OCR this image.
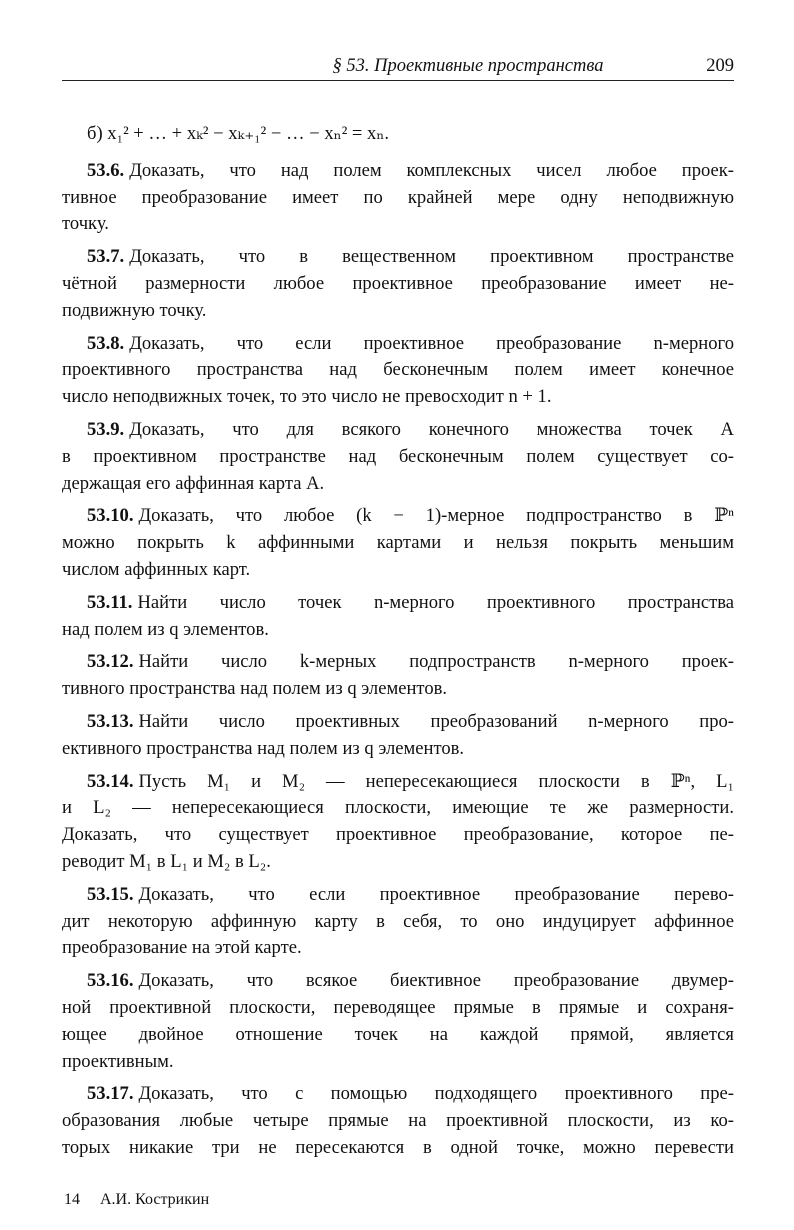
§ 53. Проективные пространства	209
б) x₁² + … + xₖ² − xₖ₊₁² − … − xₙ² = xₙ.
53.6. Доказать, что над полем комплексных чисел любое проек-
тивное преобразование имеет по крайней мере одну неподвижную
точку.
53.7. Доказать, что в вещественном проективном пространстве
чётной размерности любое проективное преобразование имеет не-
подвижную точку.
53.8. Доказать, что если проективное преобразование n-мерного
проективного пространства над бесконечным полем имеет конечное
число неподвижных точек, то это число не превосходит n + 1.
53.9. Доказать, что для всякого конечного множества точек A
в проективном пространстве над бесконечным полем существует со-
держащая его аффинная карта A.
53.10. Доказать, что любое (k − 1)-мерное подпространство в ℙⁿ
можно покрыть k аффинными картами и нельзя покрыть меньшим
числом аффинных карт.
53.11. Найти число точек n-мерного проективного пространства
над полем из q элементов.
53.12. Найти число k-мерных подпространств n-мерного проек-
тивного пространства над полем из q элементов.
53.13. Найти число проективных преобразований n-мерного про-
ективного пространства над полем из q элементов.
53.14. Пусть M₁ и M₂ — непересекающиеся плоскости в ℙⁿ, L₁
и L₂ — непересекающиеся плоскости, имеющие те же размерности.
Доказать, что существует проективное преобразование, которое пе-
реводит M₁ в L₁ и M₂ в L₂.
53.15. Доказать, что если проективное преобразование перево-
дит некоторую аффинную карту в себя, то оно индуцирует аффинное
преобразование на этой карте.
53.16. Доказать, что всякое биективное преобразование двумер-
ной проективной плоскости, переводящее прямые в прямые и сохраня-
ющее двойное отношение точек на каждой прямой, является
проективным.
53.17. Доказать, что с помощью подходящего проективного пре-
образования любые четыре прямые на проективной плоскости, из ко-
торых никакие три не пересекаются в одной точке, можно перевести
14 А.И. Кострикин
